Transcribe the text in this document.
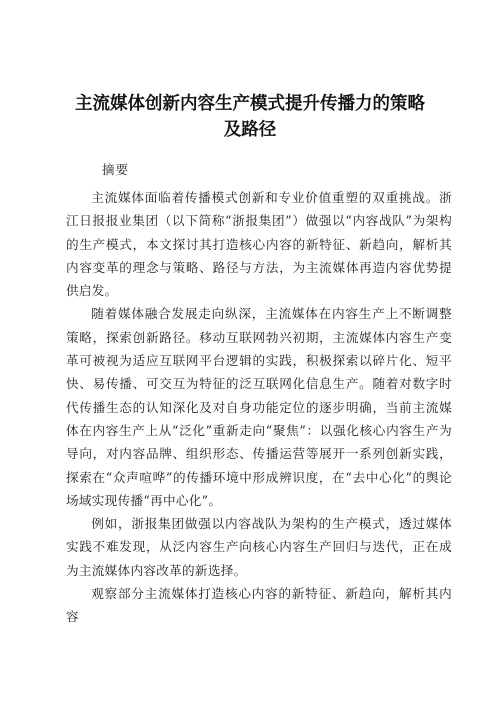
主流媒体创新内容生产模式提升传播力的策略
及路径
摘要

主流媒体面临着传播模式创新和专业价值重塑的双重挑战。浙江日报报业集团（以下简称“浙报集团”）做强以“内容战队”为架构的生产模式，本文探讨其打造核心内容的新特征、新趋向，解析其内容变革的理念与策略、路径与方法，为主流媒体再造内容优势提供启发。

随着媒体融合发展走向纵深，主流媒体在内容生产上不断调整策略，探索创新路径。移动互联网勃兴初期，主流媒体内容生产变革可被视为适应互联网平台逻辑的实践，积极探索以碎片化、短平快、易传播、可交互为特征的泛互联网化信息生产。随着对数字时代传播生态的认知深化及对自身功能定位的逐步明确，当前主流媒体在内容生产上从“泛化”重新走向“聚焦”：以强化核心内容生产为导向，对内容品牌、组织形态、传播运营等展开一系列创新实践，探索在“众声喧哗”的传播环境中形成辨识度，在“去中心化”的舆论场域实现传播“再中心化”。

例如，浙报集团做强以内容战队为架构的生产模式，透过媒体实践不难发现，从泛内容生产向核心内容生产回归与迭代，正在成为主流媒体内容改革的新选择。

观察部分主流媒体打造核心内容的新特征、新趋向，解析其内容
